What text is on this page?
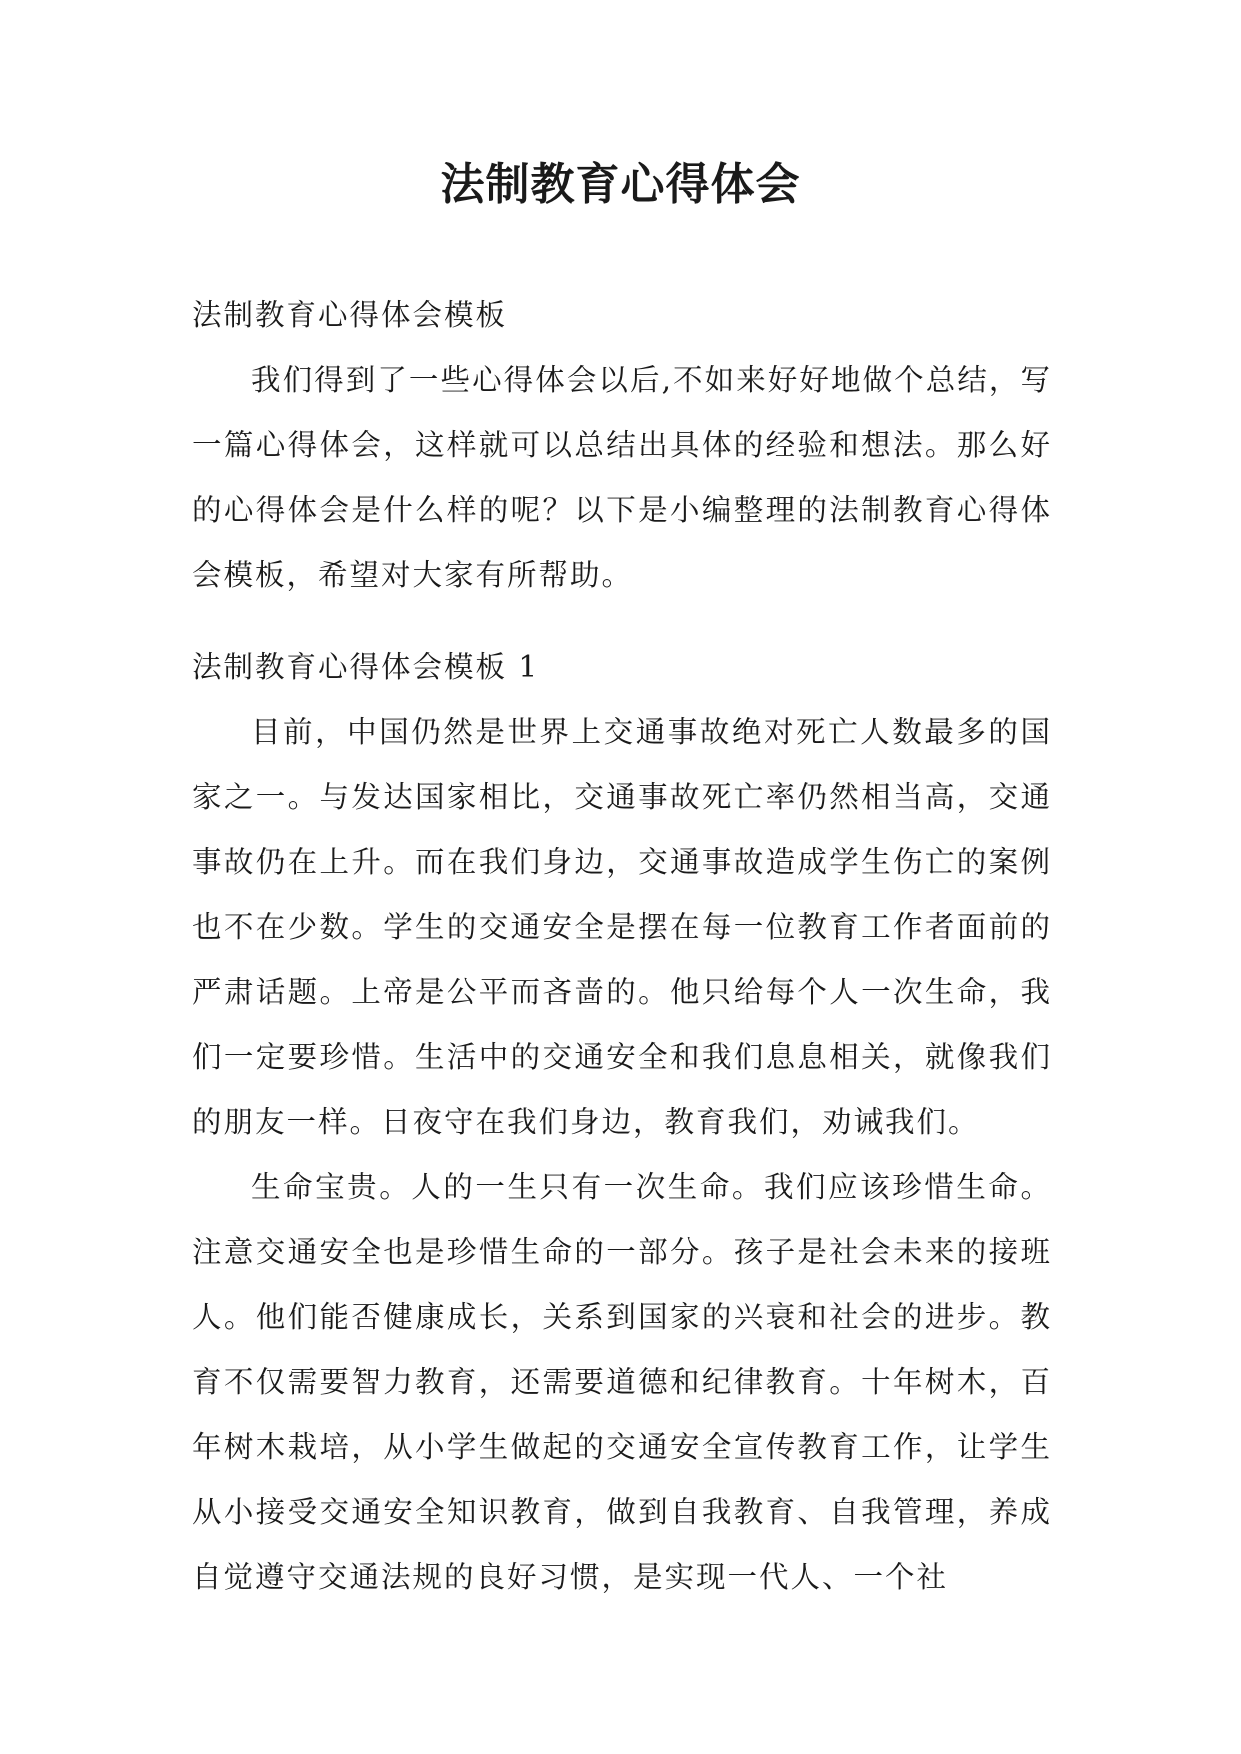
法制教育心得体会
法制教育心得体会模板

我们得到了一些心得体会以后,不如来好好地做个总结，写一篇心得体会，这样就可以总结出具体的经验和想法。那么好的心得体会是什么样的呢？以下是小编整理的法制教育心得体会模板，希望对大家有所帮助。

法制教育心得体会模板 1

目前，中国仍然是世界上交通事故绝对死亡人数最多的国家之一。与发达国家相比，交通事故死亡率仍然相当高，交通事故仍在上升。而在我们身边，交通事故造成学生伤亡的案例也不在少数。学生的交通安全是摆在每一位教育工作者面前的严肃话题。上帝是公平而吝啬的。他只给每个人一次生命，我们一定要珍惜。生活中的交通安全和我们息息相关，就像我们的朋友一样。日夜守在我们身边，教育我们，劝诫我们。

生命宝贵。人的一生只有一次生命。我们应该珍惜生命。注意交通安全也是珍惜生命的一部分。孩子是社会未来的接班人。他们能否健康成长，关系到国家的兴衰和社会的进步。教育不仅需要智力教育，还需要道德和纪律教育。十年树木，百年树木栽培，从小学生做起的交通安全宣传教育工作，让学生从小接受交通安全知识教育，做到自我教育、自我管理，养成自觉遵守交通法规的良好习惯，是实现一代人、一个社
